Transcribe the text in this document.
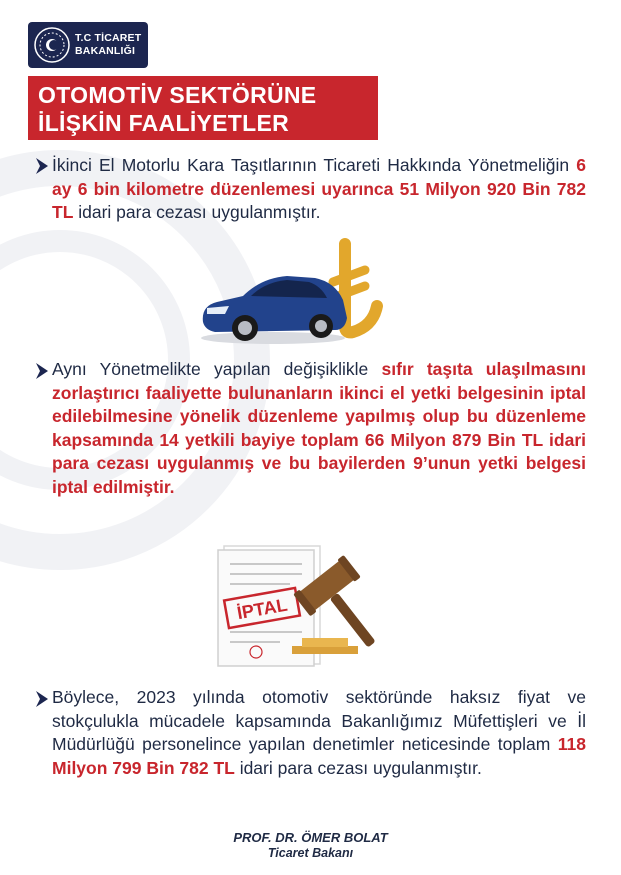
T.C TİCARET
BAKANLIĞI
OTOMOTİV SEKTÖRÜNE
İLİŞKİN FAALİYETLER
İkinci El Motorlu Kara Taşıtlarının Ticareti Hakkında Yönetmeliğin 6 ay 6 bin kilometre düzenlemesi uyarınca 51 Milyon 920 Bin 782 TL idari para cezası uygulanmıştır.
Aynı Yönetmelikte yapılan değişiklikle sıfır taşıta ulaşılmasını zorlaştırıcı faaliyette bulunanların ikinci el yetki belgesinin iptal edilebilmesine yönelik düzenleme yapılmış olup bu düzenleme kapsamında 14 yetkili bayiye toplam 66 Milyon 879 Bin TL idari para cezası uygulanmış ve bu bayilerden 9’unun yetki belgesi iptal edilmiştir.
İPTAL
Böylece, 2023 yılında otomotiv sektöründe haksız fiyat ve stokçulukla mücadele kapsamında Bakanlığımız Müfettişleri ve İl Müdürlüğü personelince yapılan denetimler neticesinde toplam 118 Milyon 799 Bin 782 TL idari para cezası uygulanmıştır.
PROF. DR. ÖMER BOLAT
Ticaret Bakanı
